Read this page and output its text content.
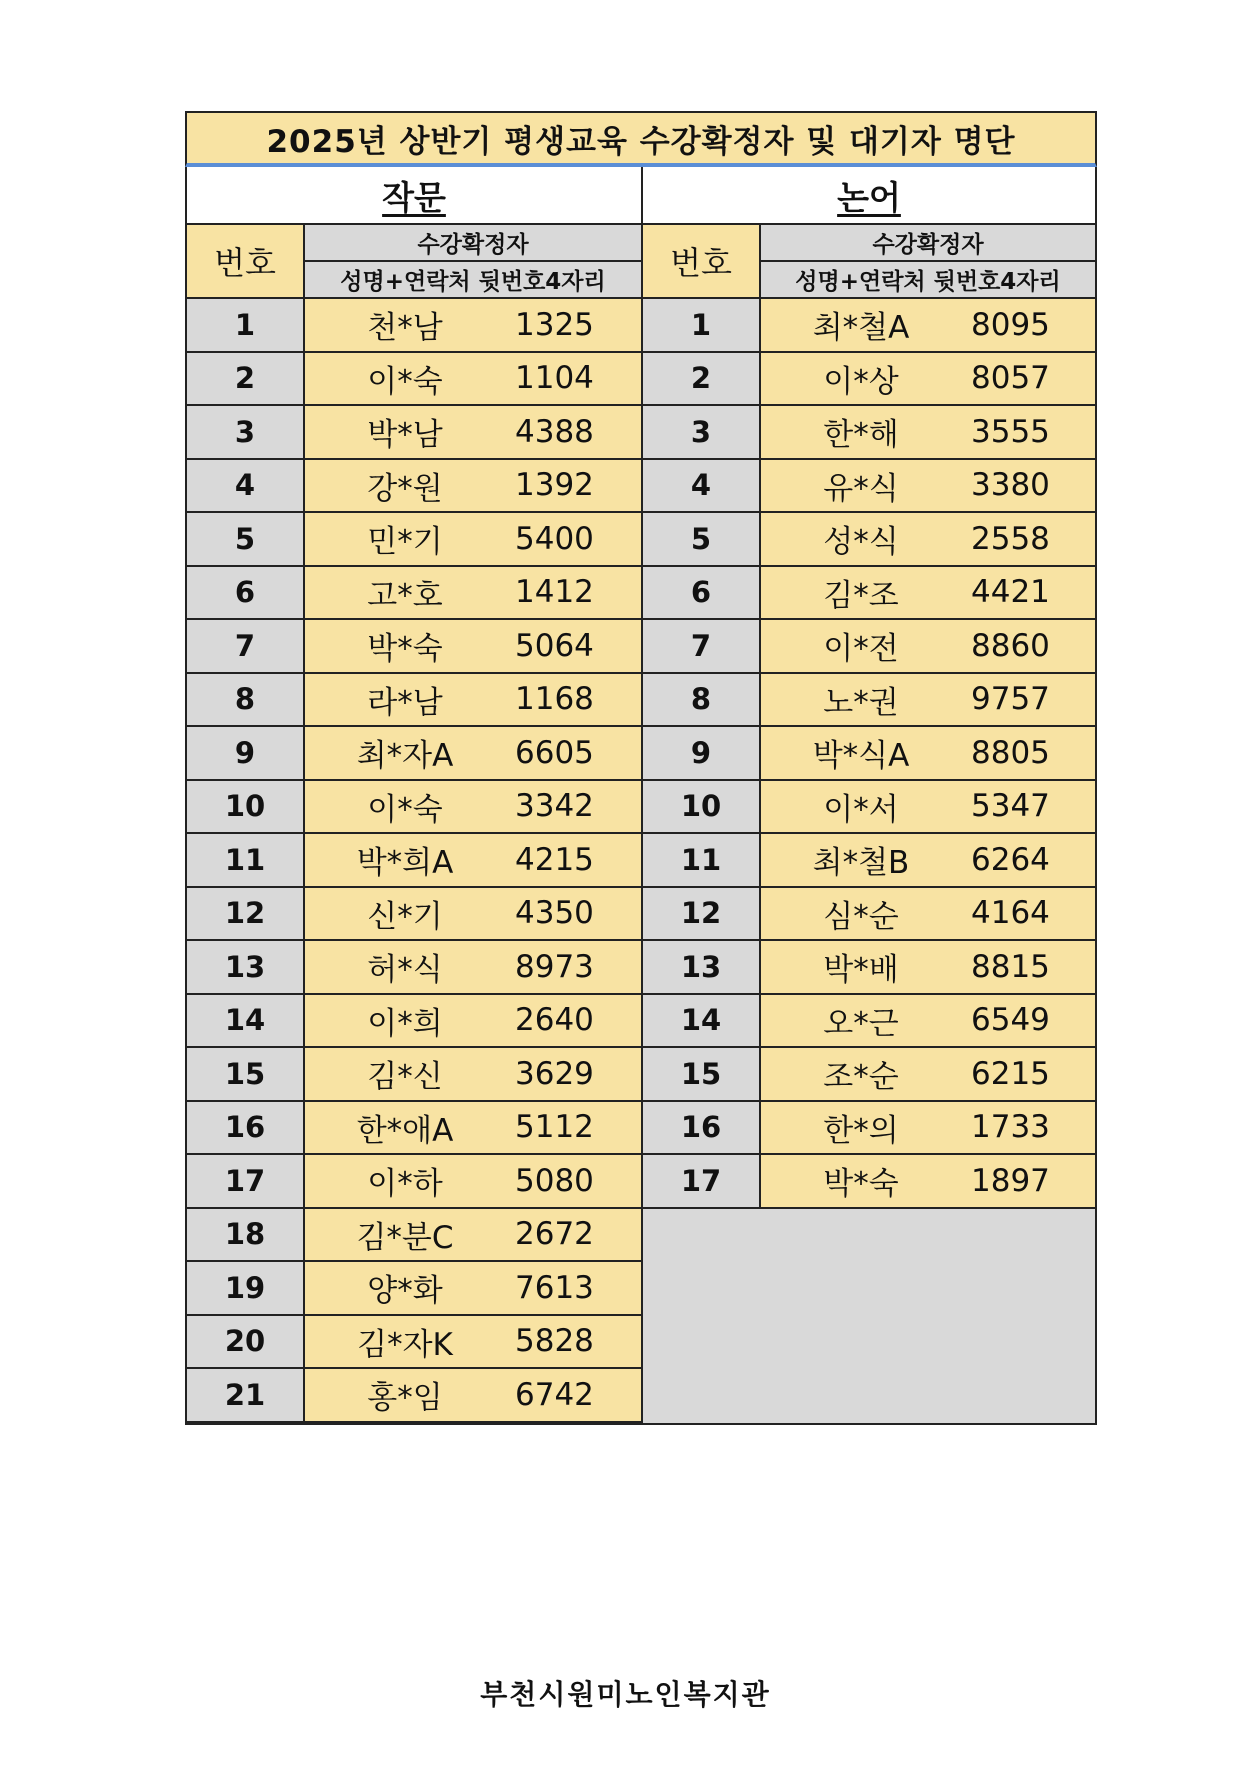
2025년 상반기 평생교육 수강확정자 및 대기자 명단
작문
번호	수강확정자
성명+연락처 뒷번호4자리
1	천*남	1325
2	이*숙	1104
3	박*남	4388
4	강*원	1392
5	민*기	5400
6	고*호	1412
7	박*숙	5064
8	라*남	1168
9	최*자A	6605
10	이*숙	3342
11	박*희A	4215
12	신*기	4350
13	허*식	8973
14	이*희	2640
15	김*신	3629
16	한*애A	5112
17	이*하	5080
18	김*분C	2672
19	양*화	7613
20	김*자K	5828
21	홍*임	6742
논어
번호	수강확정자
성명+연락처 뒷번호4자리
1	최*철A	8095
2	이*상	8057
3	한*해	3555
4	유*식	3380
5	성*식	2558
6	김*조	4421
7	이*전	8860
8	노*권	9757
9	박*식A	8805
10	이*서	5347
11	최*철B	6264
12	심*순	4164
13	박*배	8815
14	오*근	6549
15	조*순	6215
16	한*의	1733
17	박*숙	1897
부천시원미노인복지관
